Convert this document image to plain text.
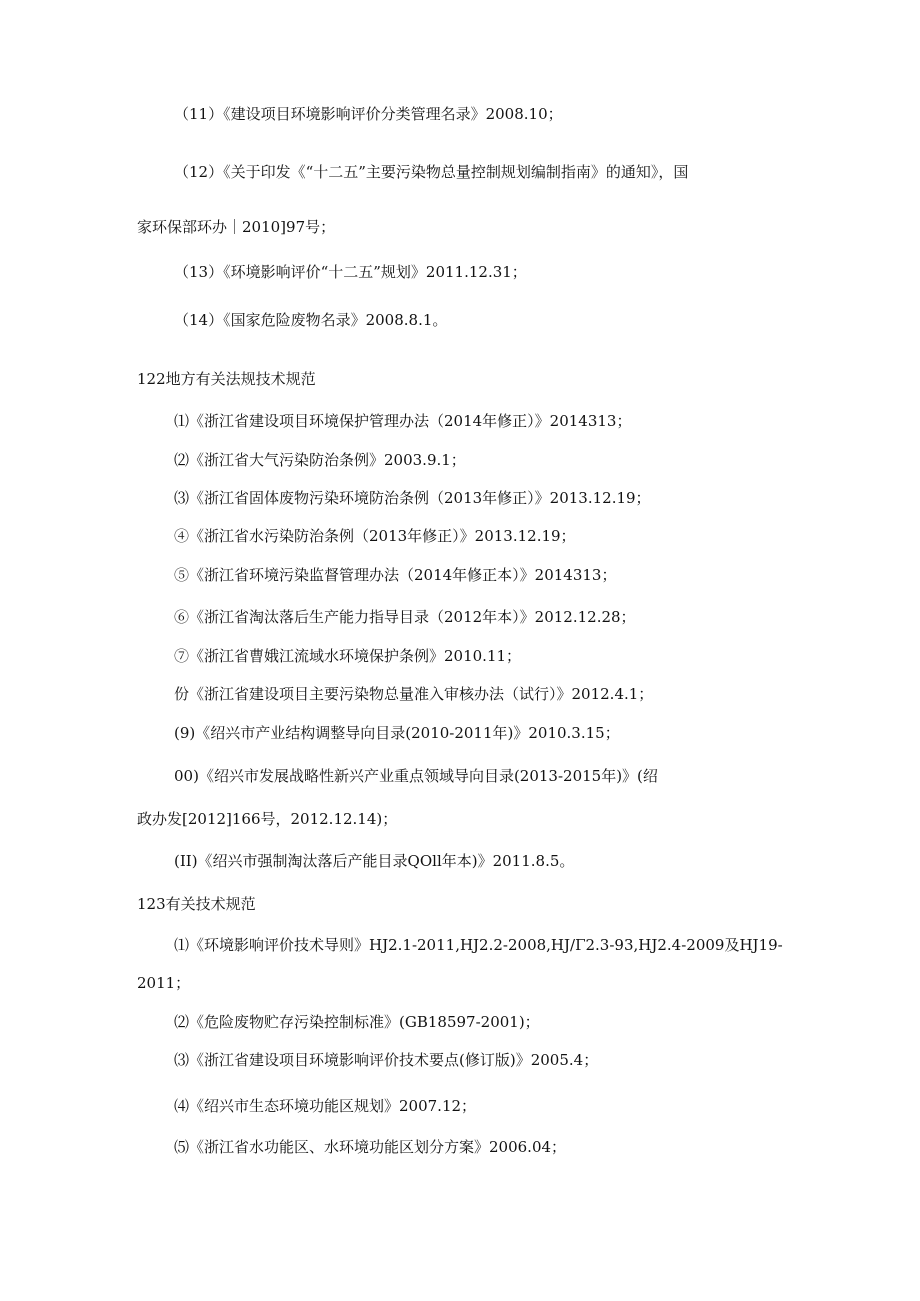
（11）《建设项目环境影响评价分类管理名录》2008.10；
（12）《关于印发《“十二五”主要污染物总量控制规划编制指南》的通知》，国
家环保部环办｜2010]97号；
（13）《环境影响评价“十二五”规划》2011.12.31；
（14）《国家危险废物名录》2008.8.1。
122地方有关法规技术规范
⑴《浙江省建设项目环境保护管理办法（2014年修正）》2014313；
⑵《浙江省大气污染防治条例》2003.9.1；
⑶《浙江省固体废物污染环境防治条例（2013年修正）》2013.12.19；
④《浙江省水污染防治条例（2013年修正）》2013.12.19；
⑤《浙江省环境污染监督管理办法（2014年修正本）》2014313；
⑥《浙江省淘汰落后生产能力指导目录（2012年本）》2012.12.28；
⑦《浙江省曹娥江流域水环境保护条例》2010.11；
份《浙江省建设项目主要污染物总量准入审核办法（试行）》2012.4.1；
(9)《绍兴市产业结构调整导向目录(2010-2011年)》2010.3.15；
00)《绍兴市发展战略性新兴产业重点领域导向目录(2013-2015年)》(绍
政办发[2012]166号，2012.12.14)；
(II)《绍兴市强制淘汰落后产能目录QOll年本)》2011.8.5。
123有关技术规范
⑴《环境影响评价技术导则》HJ2.1-2011,HJ2.2-2008,HJ/Γ2.3-93,HJ2.4-2009及HJ19-
2011；
⑵《危险废物贮存污染控制标准》(GB18597-2001)；
⑶《浙江省建设项目环境影响评价技术要点(修订版)》2005.4；
⑷《绍兴市生态环境功能区规划》2007.12；
⑸《浙江省水功能区、水环境功能区划分方案》2006.04；
